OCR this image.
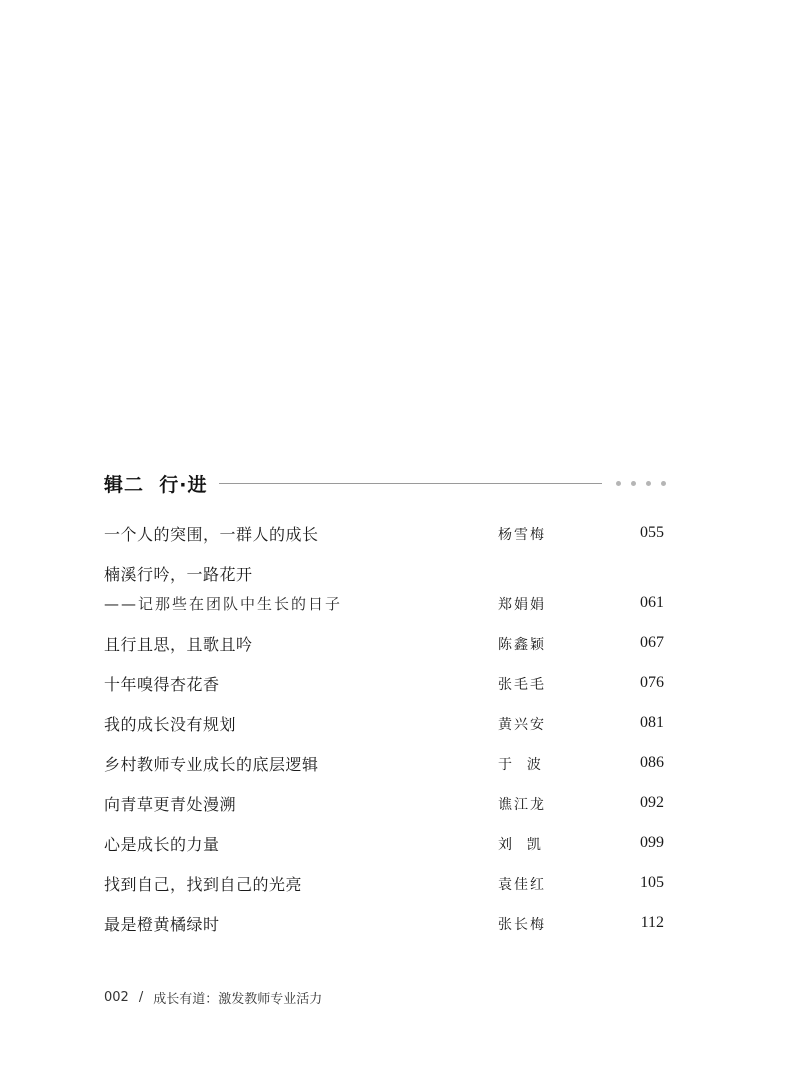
辑二  行·进
一个人的突围，一群人的成长	杨雪梅	055
楠溪行吟，一路花开
——记那些在团队中生长的日子	郑娟娟	061
且行且思，且歌且吟	陈鑫颖	067
十年嗅得杏花香	张毛毛	076
我的成长没有规划	黄兴安	081
乡村教师专业成长的底层逻辑	于  波	086
向青草更青处漫溯	谯江龙	092
心是成长的力量	刘  凯	099
找到自己，找到自己的光亮	袁佳红	105
最是橙黄橘绿时	张长梅	112
002 / 成长有道：激发教师专业活力
